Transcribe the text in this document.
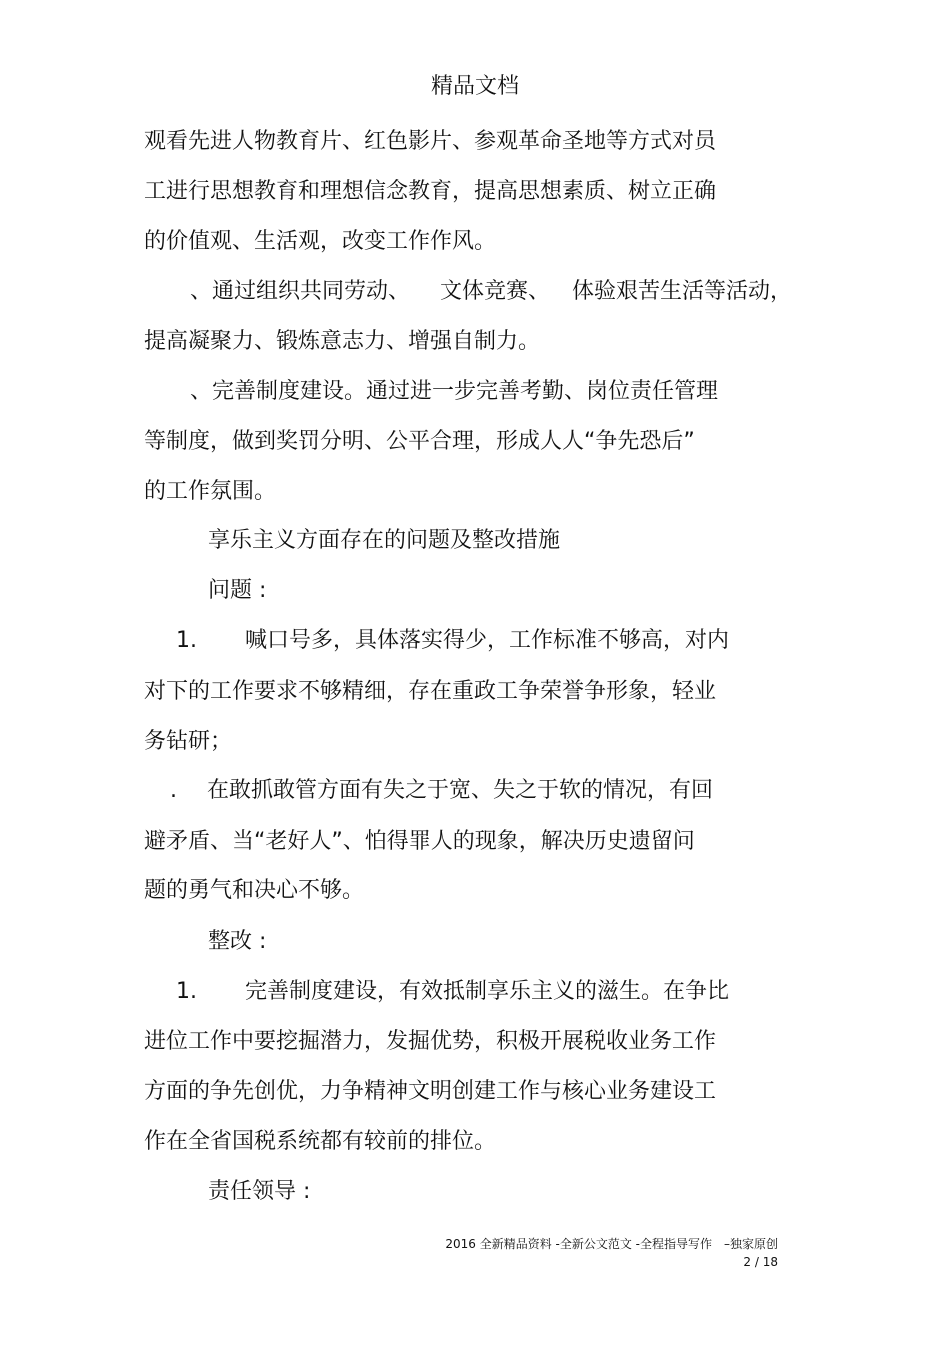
精品文档
观看先进人物教育片、红色影片、参观革命圣地等方式对员
工进行思想教育和理想信念教育，提高思想素质、树立正确
的价值观、生活观，改变工作作风。
、通过组织共同劳动、 文体竞赛、 体验艰苦生活等活动，
提高凝聚力、锻炼意志力、增强自制力。
、完善制度建设。通过进一步完善考勤、岗位责任管理
等制度，做到奖罚分明、公平合理，形成人人“争先恐后”
的工作氛围。
享乐主义方面存在的问题及整改措施
问题 :
1. 喊口号多，具体落实得少，工作标准不够高，对内
对下的工作要求不够精细，存在重政工争荣誉争形象，轻业
务钻研；
. 在敢抓敢管方面有失之于宽、失之于软的情况，有回
避矛盾、当“老好人”、怕得罪人的现象，解决历史遗留问
题的勇气和决心不够。
整改 :
1. 完善制度建设，有效抵制享乐主义的滋生。在争比
进位工作中要挖掘潜力，发掘优势，积极开展税收业务工作
方面的争先创优，力争精神文明创建工作与核心业务建设工
作在全省国税系统都有较前的排位。
责任领导 :
2016 全新精品资料 -全新公文范文 -全程指导写作　–独家原创
2 / 18
